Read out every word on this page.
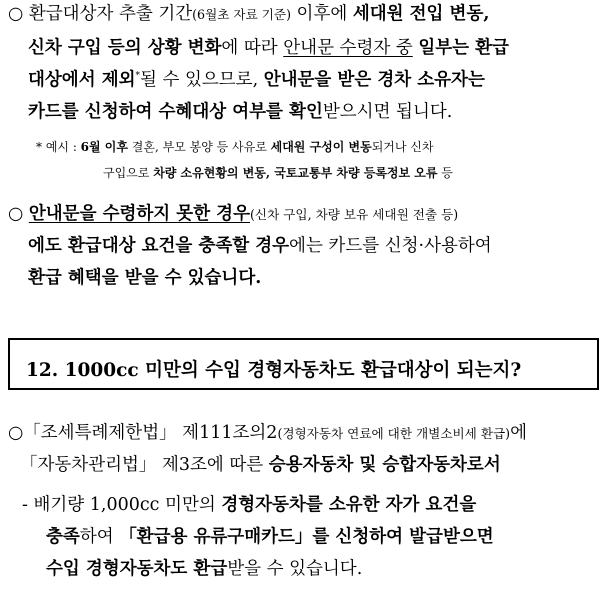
○ 환급대상자 추출 기간(6월초 자료 기준) 이후에 세대원 전입 변동,
신차 구입 등의 상황 변화에 따라 안내문 수령자 중 일부는 환급
대상에서 제외*될 수 있으므로, 안내문을 받은 경차 소유자는
카드를 신청하여 수혜대상 여부를 확인받으시면 됩니다.
* 예시 : 6월 이후 결혼, 부모 봉양 등 사유로 세대원 구성이 변동되거나 신차
구입으로 차량 소유현황의 변동, 국토교통부 차량 등록정보 오류 등
○ 안내문을 수령하지 못한 경우(신차 구입, 차량 보유 세대원 전출 등)
에도 환급대상 요건을 충족할 경우에는 카드를 신청·사용하여
환급 혜택을 받을 수 있습니다.
12. 1000cc 미만의 수입 경형자동차도 환급대상이 되는지?
○「조세특례제한법」 제111조의2(경형자동차 연료에 대한 개별소비세 환급)에
「자동차관리법」 제3조에 따른 승용자동차 및 승합자동차로서
- 배기량 1,000cc 미만의 경형자동차를 소유한 자가 요건을
충족하여 「환급용 유류구매카드」를 신청하여 발급받으면
수입 경형자동차도 환급받을 수 있습니다.
